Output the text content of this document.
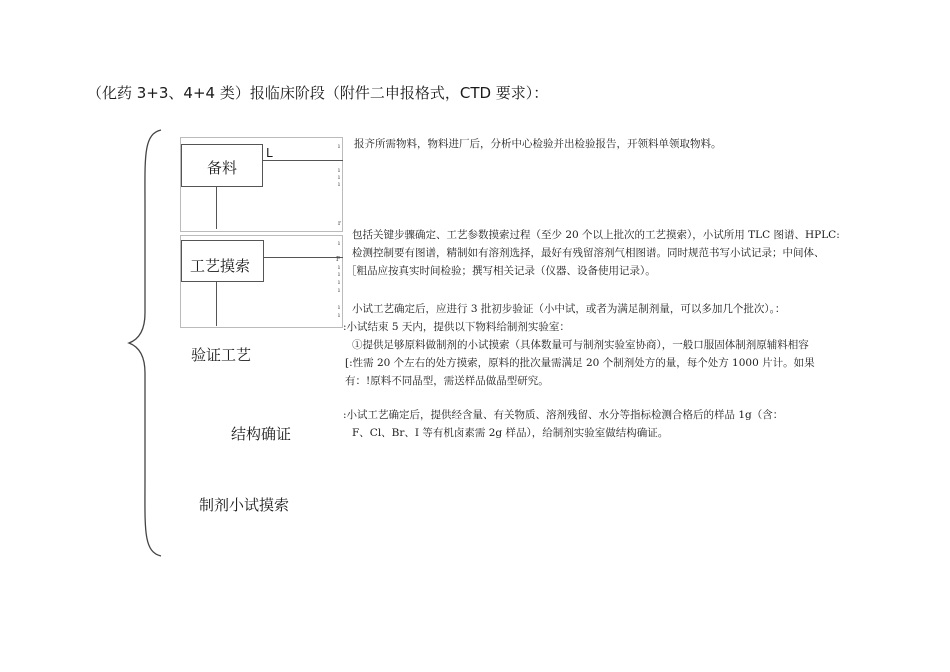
（化药 3+3、4+4 类）报临床阶段（附件二申报格式，CTD 要求）：
备料
L	ı
ı
ı
ı
r
工艺摸索
ı
P
ı
ı
ı
ı
ı
ı
验证工艺
结构确证
制剂小试摸索
报齐所需物料，物料进厂后，分析中心检验并出检验报告，开领料单领取物料。
包括关键步骤确定、工艺参数摸索过程（至少 20 个以上批次的工艺摸索），小试所用 TLC 图谱、HPLC:
检测控制要有图谱，精制如有溶剂选择，最好有残留溶剂气相图谱。同时规范书写小试记录；中间体、
［粗品应按真实时间检验；撰写相关记录（仪器、设备使用记录）。
小试工艺确定后，应进行 3 批初步验证（小中试，或者为满足制剂量，可以多加几个批次）。：
:小试结束 5 天内，提供以下物料给制剂实验室：
①提供足够原料做制剂的小试摸索（具体数量可与制剂实验室协商），一般口服固体制剂原辅料相容
[:性需 20 个左右的处方摸索，原料的批次量需满足 20 个制剂处方的量，每个处方 1000 片计。如果
有：!原料不同晶型，需送样品做晶型研究。
:小试工艺确定后，提供经含量、有关物质、溶剂残留、水分等指标检测合格后的样品 1g（含：
F、Cl、Br、I 等有机卤素需 2g 样品），给制剂实验室做结构确证。
